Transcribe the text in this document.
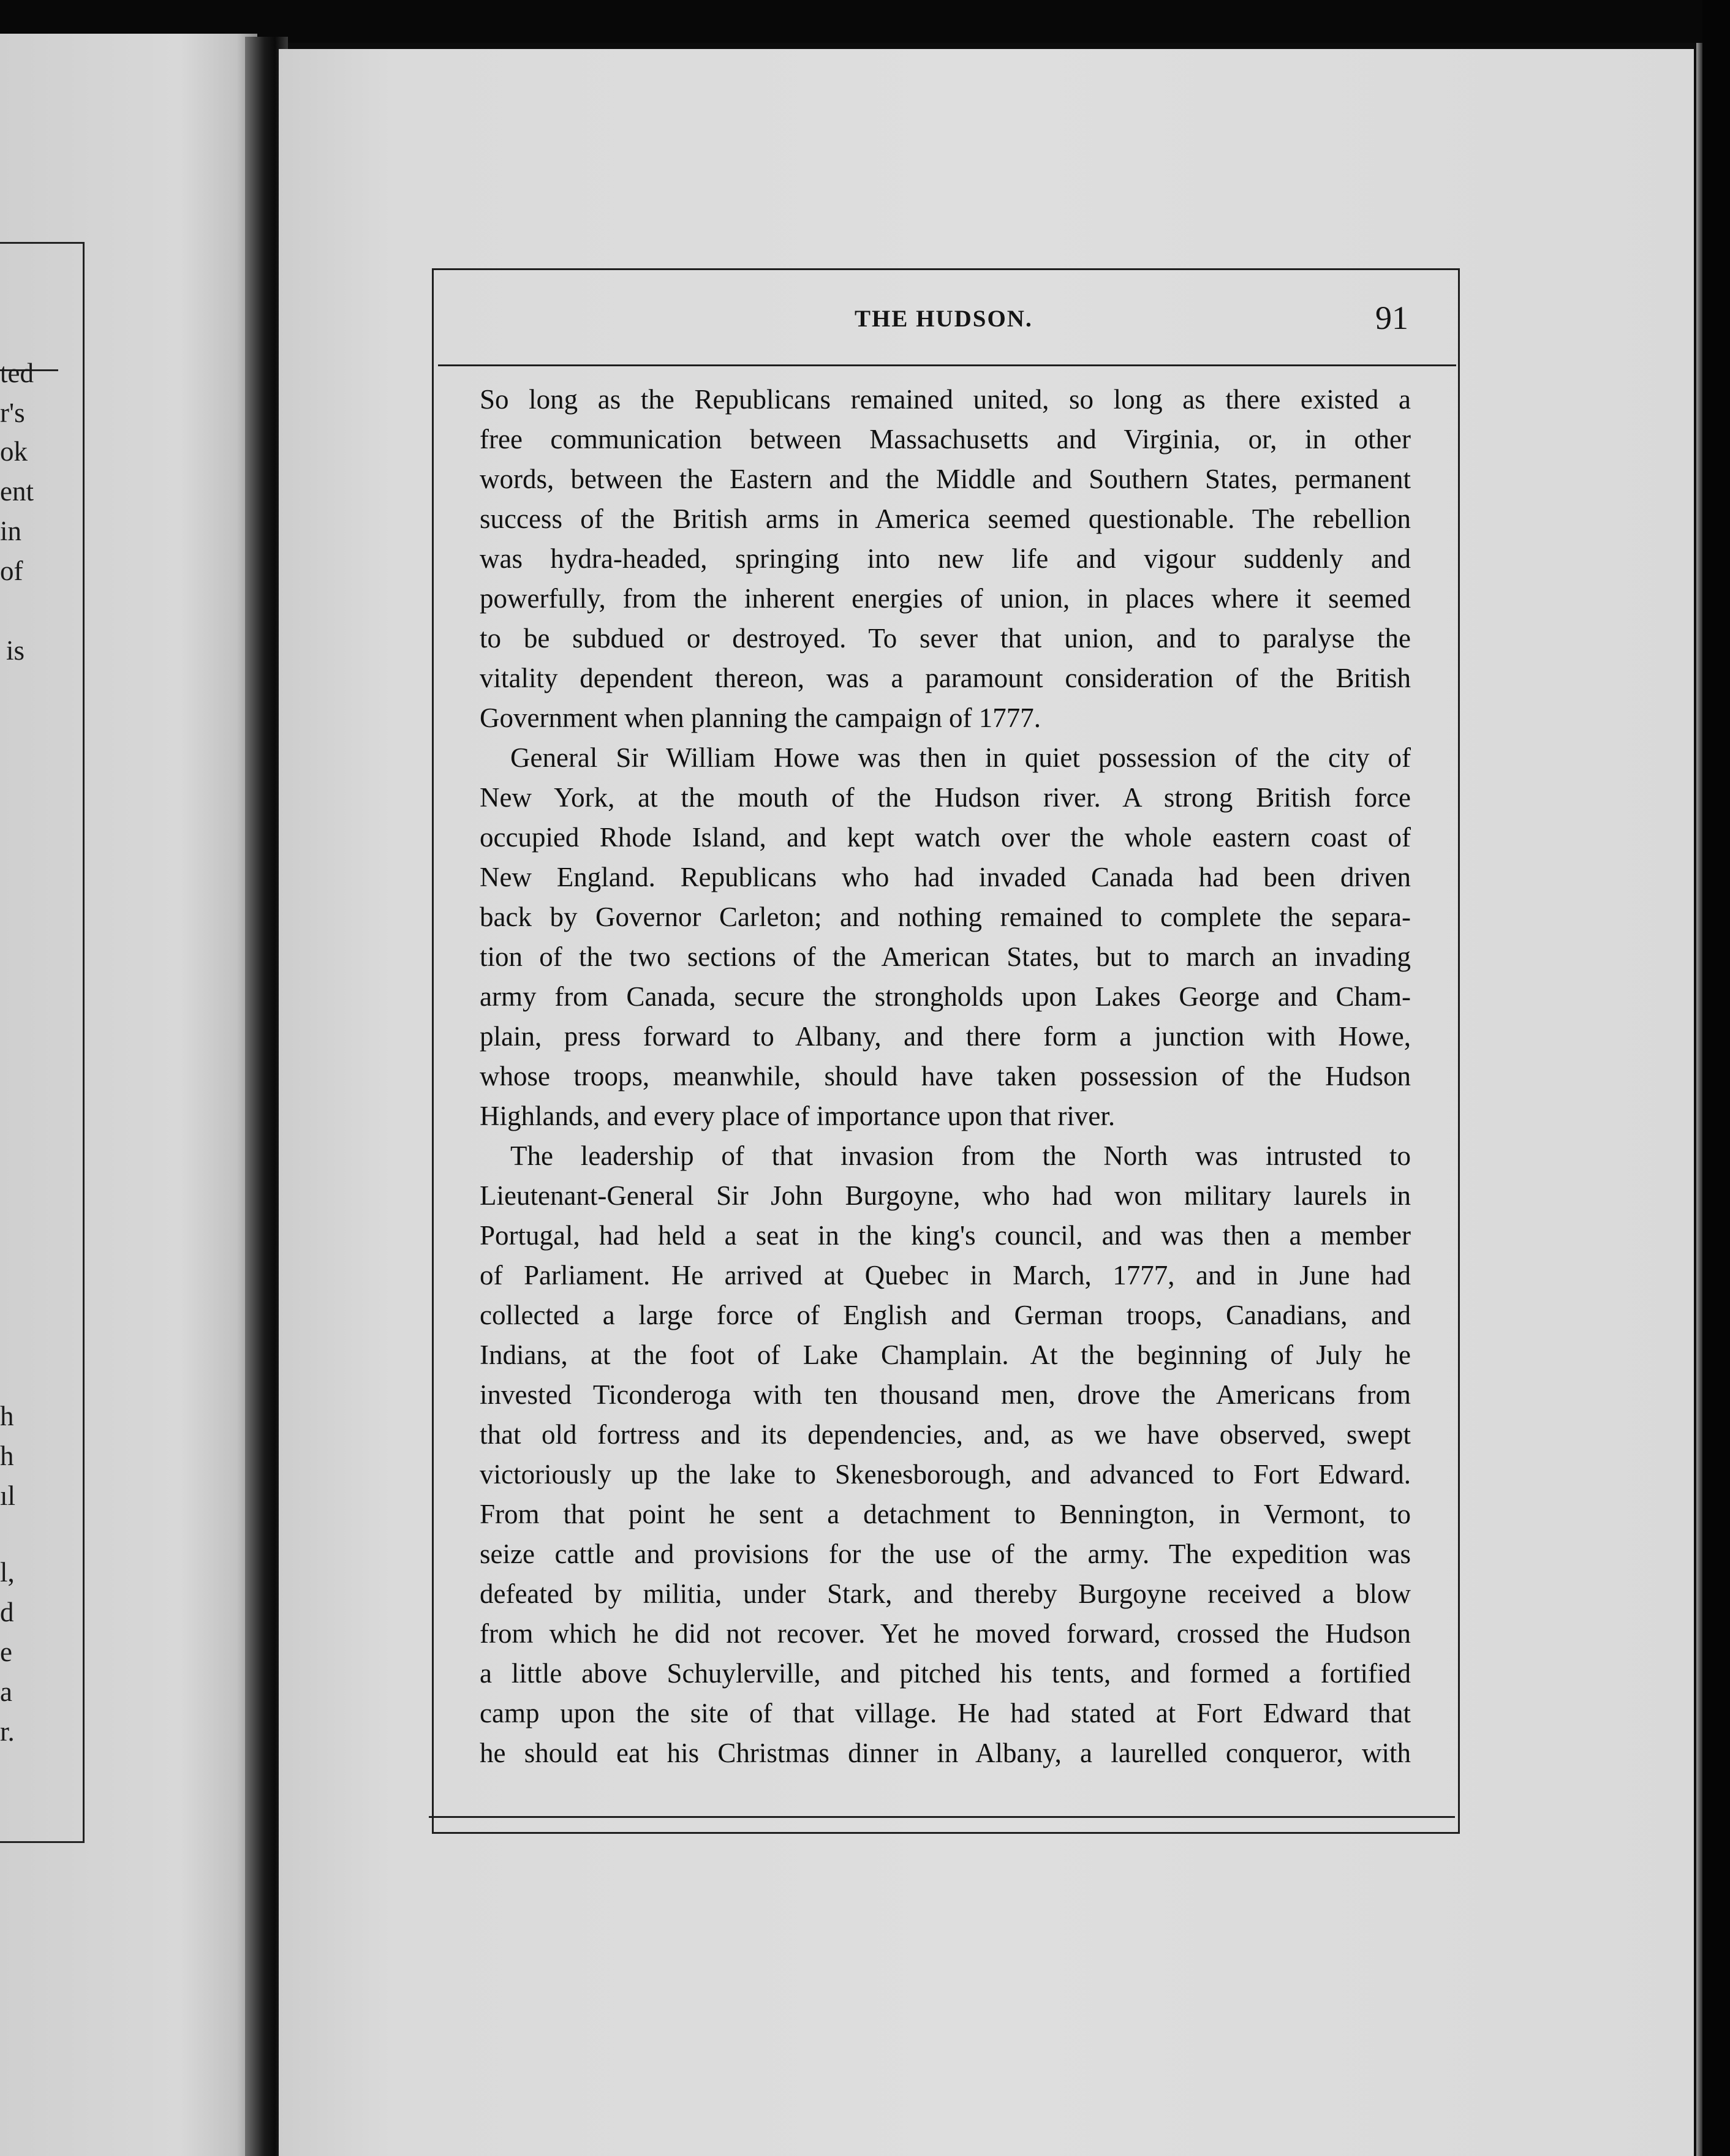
ted
r's
ok
ent
in
of
is
h
h
ıl
l,
d
e
a
r.
THE HUDSON.	91
So long as the Republicans remained united, so long as there existed a
free communication between Massachusetts and Virginia, or, in other
words, between the Eastern and the Middle and Southern States, permanent
success of the British arms in America seemed questionable. The rebellion
was hydra-headed, springing into new life and vigour suddenly and
powerfully, from the inherent energies of union, in places where it seemed
to be subdued or destroyed. To sever that union, and to paralyse the
vitality dependent thereon, was a paramount consideration of the British
Government when planning the campaign of 1777.
General Sir William Howe was then in quiet possession of the city of
New York, at the mouth of the Hudson river. A strong British force
occupied Rhode Island, and kept watch over the whole eastern coast of
New England. Republicans who had invaded Canada had been driven
back by Governor Carleton; and nothing remained to complete the separa-
tion of the two sections of the American States, but to march an invading
army from Canada, secure the strongholds upon Lakes George and Cham-
plain, press forward to Albany, and there form a junction with Howe,
whose troops, meanwhile, should have taken possession of the Hudson
Highlands, and every place of importance upon that river.
The leadership of that invasion from the North was intrusted to
Lieutenant-General Sir John Burgoyne, who had won military laurels in
Portugal, had held a seat in the king's council, and was then a member
of Parliament. He arrived at Quebec in March, 1777, and in June had
collected a large force of English and German troops, Canadians, and
Indians, at the foot of Lake Champlain. At the beginning of July he
invested Ticonderoga with ten thousand men, drove the Americans from
that old fortress and its dependencies, and, as we have observed, swept
victoriously up the lake to Skenesborough, and advanced to Fort Edward.
From that point he sent a detachment to Bennington, in Vermont, to
seize cattle and provisions for the use of the army. The expedition was
defeated by militia, under Stark, and thereby Burgoyne received a blow
from which he did not recover. Yet he moved forward, crossed the Hudson
a little above Schuylerville, and pitched his tents, and formed a fortified
camp upon the site of that village. He had stated at Fort Edward that
he should eat his Christmas dinner in Albany, a laurelled conqueror, with
